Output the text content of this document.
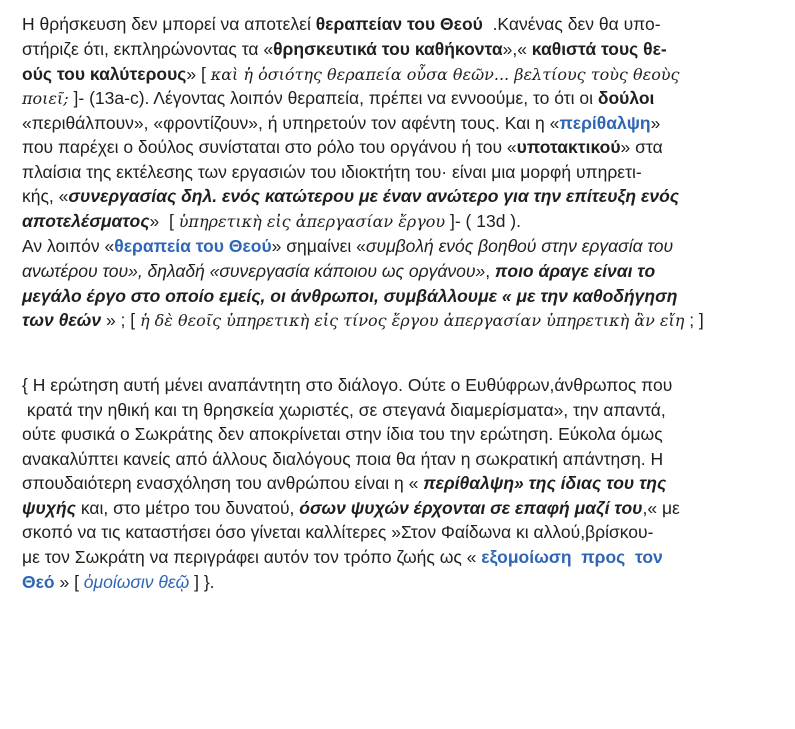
Η θρήσκευση δεν μπορεί να αποτελεί θεραπείαν του Θεού  .Κανένας δεν θα υπο-
στήριζε ότι, εκπληρώνοντας τα «θρησκευτικά του καθήκοντα»,« καθιστά τους θε-
ούς του καλύτερους» [ καὶ ἡ ὁσιότης θεραπεία οὖσα θεῶν... βελτίους τοὺς θεοὺς
ποιεῖ; ]- (13a-c). Λέγοντας λοιπόν θεραπεία, πρέπει να εννοούμε, το ότι οι δούλοι
«περιθάλπουν», «φροντίζουν», ή υπηρετούν τον αφέντη τους. Και η «περίθαλψη»
που παρέχει ο δούλος συνίσταται στο ρόλο του οργάνου ή του «υποτακτικού» στα
πλαίσια της εκτέλεσης των εργασιών του ιδιοκτήτη του· είναι μια μορφή υπηρετι-
κής, «συνεργασίας δηλ. ενός κατώτερου με έναν ανώτερο για την επίτευξη ενός
αποτελέσματος»  [ ὑπηρετικὴ εἰς ἀπεργασίαν ἔργου ]- ( 13d ).
Αν λοιπόν «θεραπεία του Θεού» σημαίνει «συμβολή ενός βοηθού στην εργασία του
ανωτέρου του», δηλαδή «συνεργασία κάποιου ως οργάνου», ποιο άραγε είναι το
μεγάλο έργο στο οποίο εμείς, οι άνθρωποι, συμβάλλουμε « με την καθοδήγηση
των θεών » ; [ ἡ δὲ θεοῖς ὑπηρετικὴ εἰς τίνος ἔργου ἀπεργασίαν ὑπηρετικὴ ἂν εἴη ; ]
{ Η ερώτηση αυτή μένει αναπάντητη στο διάλογο. Ούτε ο Ευθύφρων,άνθρωπος που
κρατά την ηθική και τη θρησκεία χωριστές, σε στεγανά διαμερίσματα», την απαντά,
ούτε φυσικά ο Σωκράτης δεν αποκρίνεται στην ίδια του την ερώτηση. Εύκολα όμως
ανακαλύπτει κανείς από άλλους διαλόγους ποια θα ήταν η σωκρατική απάντηση. Η
σπουδαιότερη ενασχόληση του ανθρώπου είναι η « περίθαλψη» της ίδιας του της
ψυχής και, στο μέτρο του δυνατού, όσων ψυχών έρχονται σε επαφή μαζί του,« με
σκοπό να τις καταστήσει όσο γίνεται καλλίτερες »Στον Φαίδωνα κι αλλού,βρίσκου-
με τον Σωκράτη να περιγράφει αυτόν τον τρόπο ζωής ως « εξομοίωση  προς  τον
Θεό » [ ὁμοίωσιν θεῷ ] }.
